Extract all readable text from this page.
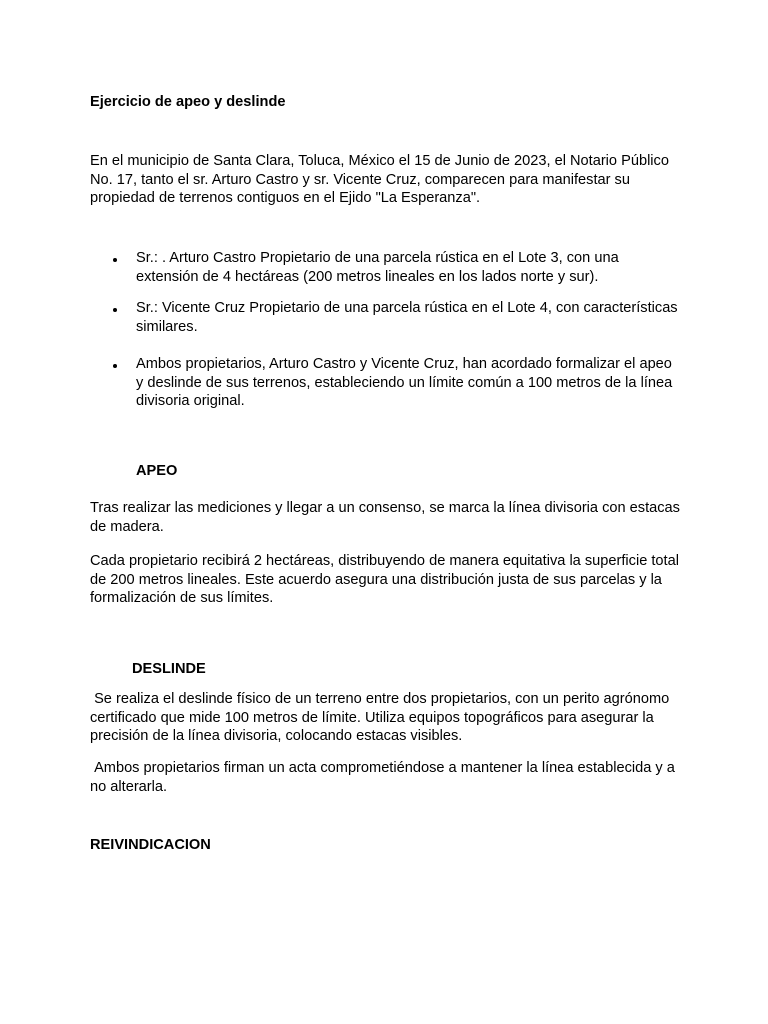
Ejercicio de apeo y deslinde

En el municipio de Santa Clara, Toluca, México el 15 de Junio de 2023, el Notario Público No. 17, tanto el sr. Arturo Castro y sr. Vicente Cruz, comparecen para manifestar su propiedad de terrenos contiguos en el Ejido "La Esperanza".

Sr.: . Arturo Castro Propietario de una parcela rústica en el Lote 3, con una extensión de 4 hectáreas (200 metros lineales en los lados norte y sur).

Sr.: Vicente Cruz Propietario de una parcela rústica en el Lote 4, con características similares.

Ambos propietarios, Arturo Castro y Vicente Cruz, han acordado formalizar el apeo y deslinde de sus terrenos, estableciendo un límite común a 100 metros de la línea divisoria original.

APEO

Tras realizar las mediciones y llegar a un consenso, se marca la línea divisoria con estacas de madera.

Cada propietario recibirá 2 hectáreas, distribuyendo de manera equitativa la superficie total de 200 metros lineales. Este acuerdo asegura una distribución justa de sus parcelas y la formalización de sus límites.

DESLINDE

Se realiza el deslinde físico de un terreno entre dos propietarios, con un perito agrónomo certificado que mide 100 metros de límite. Utiliza equipos topográficos para asegurar la precisión de la línea divisoria, colocando estacas visibles.

Ambos propietarios firman un acta comprometiéndose a mantener la línea establecida y a no alterarla.

REIVINDICACION
